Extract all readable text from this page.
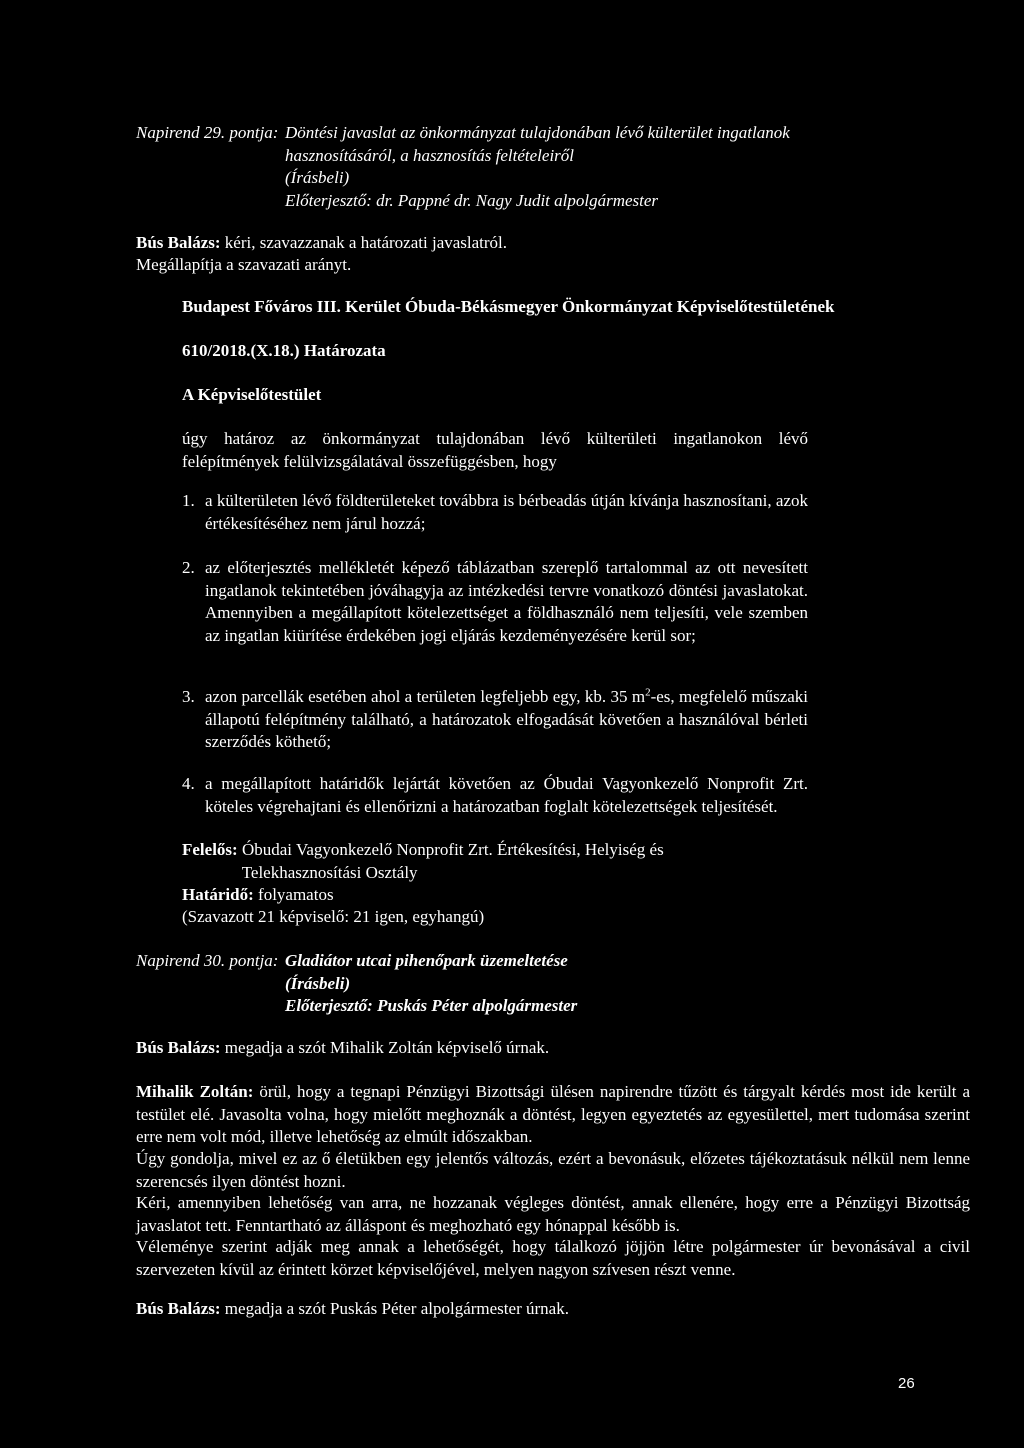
Napirend 29. pontja: Döntési javaslat az önkormányzat tulajdonában lévő külterület ingatlanok
hasznosításáról, a hasznosítás feltételeiről
(Írásbeli)
Előterjesztő: dr. Pappné dr. Nagy Judit alpolgármester
Bús Balázs: kéri, szavazzanak a határozati javaslatról.
Megállapítja a szavazati arányt.
Budapest Főváros III. Kerület Óbuda-Békásmegyer Önkormányzat Képviselőtestületének
610/2018.(X.18.) Határozata
A Képviselőtestület
úgy határoz az önkormányzat tulajdonában lévő külterületi ingatlanokon lévő felépítmények felülvizsgálatával összefüggésben, hogy
1. a külterületen lévő földterületeket továbbra is bérbeadás útján kívánja hasznosítani, azok értékesítéséhez nem járul hozzá;
2. az előterjesztés mellékletét képező táblázatban szereplő tartalommal az ott nevesített ingatlanok tekintetében jóváhagyja az intézkedési tervre vonatkozó döntési javaslatokat. Amennyiben a megállapított kötelezettséget a földhasználó nem teljesíti, vele szemben az ingatlan kiürítése érdekében jogi eljárás kezdeményezésére kerül sor;
3. azon parcellák esetében ahol a területen legfeljebb egy, kb. 35 $m^2-es$, megfelelő műszaki állapotú felépítmény található, a határozatok elfogadását követően a használóval bérleti szerződés köthető;
4. a megállapított határidők lejártát követően az Óbudai Vagyonkezelő Nonprofit Zrt. köteles végrehajtani és ellenőrizni a határozatban foglalt kötelezettségek teljesítését.
Felelős: Óbudai Vagyonkezelő Nonprofit Zrt. Értékesítési, Helyiség és
Telekhasznosítási Osztály
Határidő: folyamatos
(Szavazott 21 képviselő: 21 igen, egyhangú)
Napirend 30. pontja: Gladiátor utcai pihenőpark üzemeltetése
(Írásbeli)
Előterjesztő: Puskás Péter alpolgármester
Bús Balázs: megadja a szót Mihalik Zoltán képviselő úrnak.
Mihalik Zoltán: örül, hogy a tegnapi Pénzügyi Bizottsági ülésen napirendre tűzött és tárgyalt kérdés most ide került a testület elé. Javasolta volna, hogy mielőtt meghoznák a döntést, legyen egyeztetés az egyesülettel, mert tudomása szerint erre nem volt mód, illetve lehetőség az elmúlt időszakban.
Úgy gondolja, mivel ez az ő életükben egy jelentős változás, ezért a bevonásuk, előzetes tájékoztatásuk nélkül nem lenne szerencsés ilyen döntést hozni.
Kéri, amennyiben lehetőség van arra, ne hozzanak végleges döntést, annak ellenére, hogy erre a Pénzügyi Bizottság javaslatot tett. Fenntartható az álláspont és meghozható egy hónappal később is.
Véleménye szerint adják meg annak a lehetőségét, hogy tálalkozó jöjjön létre polgármester úr bevonásával a civil szervezeten kívül az érintett körzet képviselőjével, melyen nagyon szívesen részt venne.
Bús Balázs: megadja a szót Puskás Péter alpolgármester úrnak.
26
